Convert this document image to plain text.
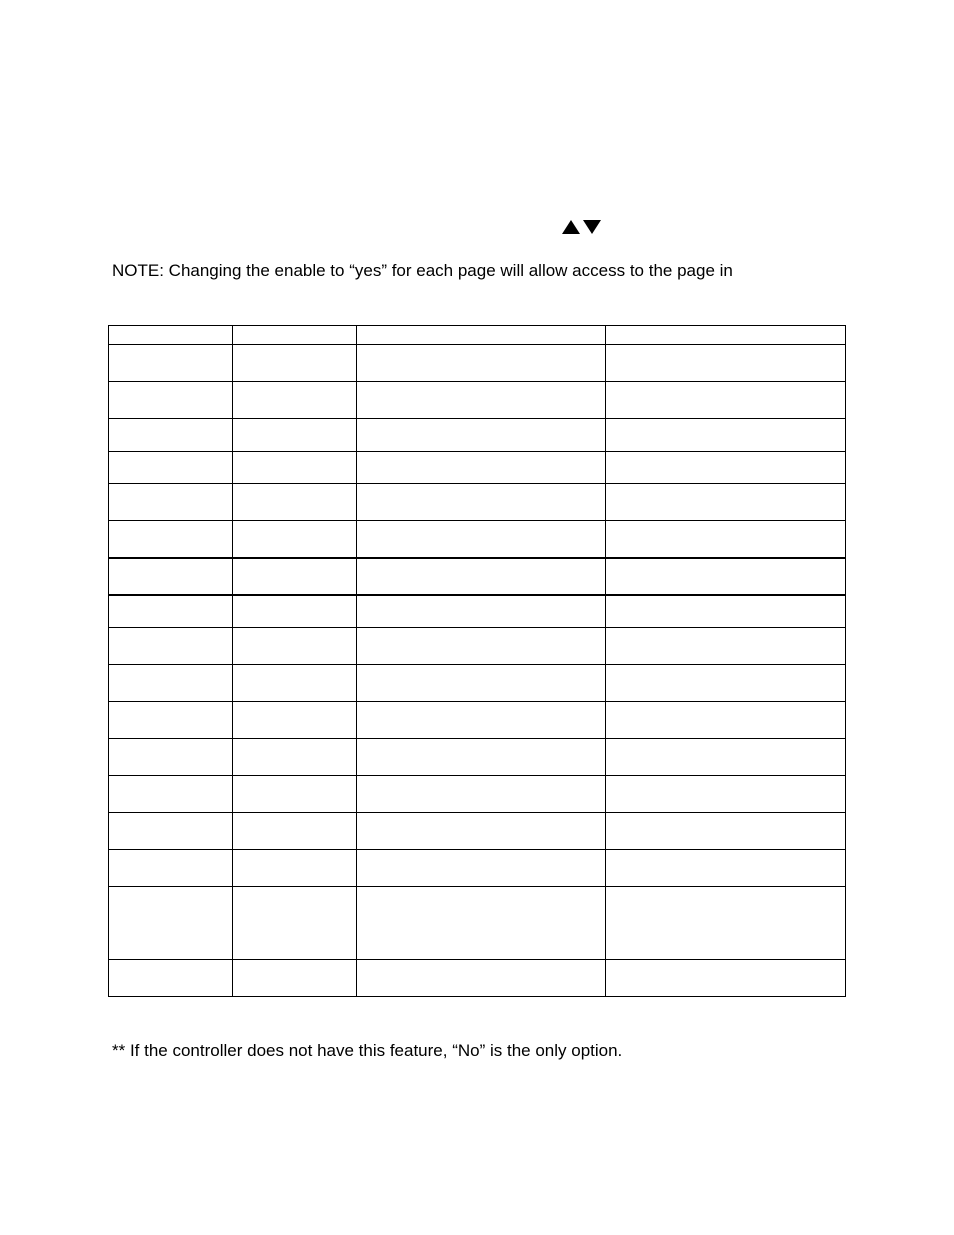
NOTE: Changing the enable to “yes” for each page will allow access to the page in

** If the controller does not have this feature, “No” is the only option.
